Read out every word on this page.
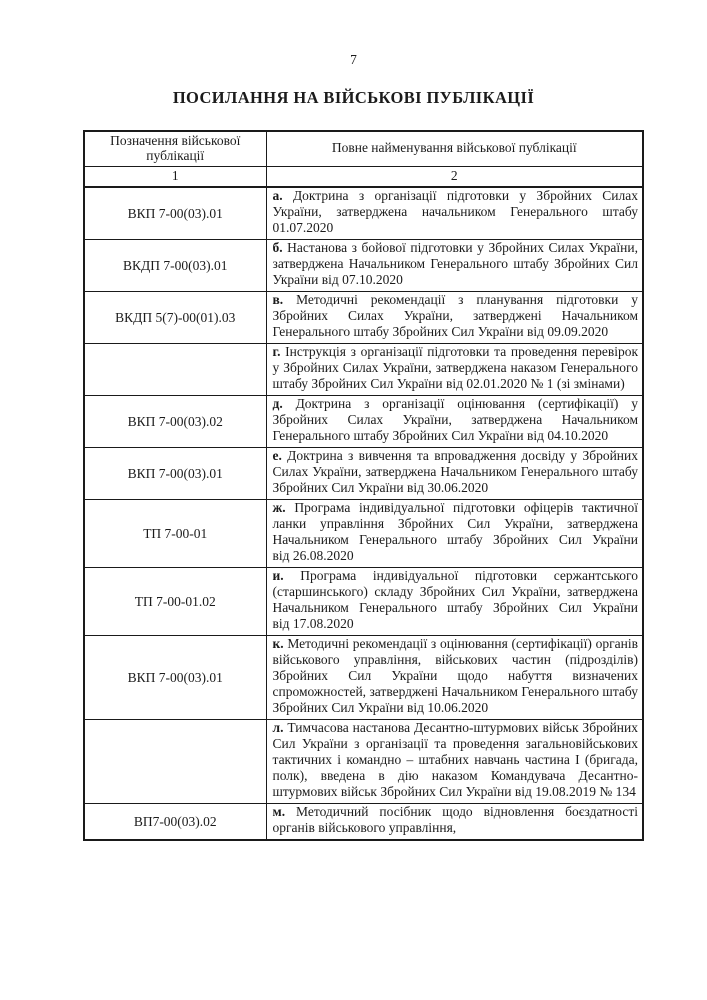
7
ПОСИЛАННЯ НА ВІЙСЬКОВІ ПУБЛІКАЦІЇ
Позначення військової публікації	Повне найменування військової публікації
1	2
ВКП 7-00(03).01	а. Доктрина з організації підготовки у Збройних Силах України, затверджена начальником Генерального штабу 01.07.2020
ВКДП 7-00(03).01	б. Настанова з бойової підготовки у Збройних Силах України, затверджена Начальником Генерального штабу Збройних Сил України від 07.10.2020
ВКДП 5(7)-00(01).03	в. Методичні рекомендації з планування підготовки у Збройних Силах України, затверджені Начальником Генерального штабу Збройних Сил України від 09.09.2020
	г. Інструкція з організації підготовки та проведення перевірок у Збройних Силах України, затверджена наказом Генерального штабу Збройних Сил України від 02.01.2020 № 1 (зі змінами)
ВКП 7-00(03).02	д. Доктрина з організації оцінювання (сертифікації) у Збройних Силах України, затверджена Начальником Генерального штабу Збройних Сил України від 04.10.2020
ВКП 7-00(03).01	е. Доктрина з вивчення та впровадження досвіду у Збройних Силах України, затверджена Начальником Генерального штабу Збройних Сил України від 30.06.2020
ТП 7-00-01	ж. Програма індивідуальної підготовки офіцерів тактичної ланки управління Збройних Сил України, затверджена Начальником Генерального штабу Збройних Сил України від 26.08.2020
ТП 7-00-01.02	и. Програма індивідуальної підготовки сержантського (старшинського) складу Збройних Сил України, затверджена Начальником Генерального штабу Збройних Сил України від 17.08.2020
ВКП 7-00(03).01	к. Методичні рекомендації з оцінювання (сертифікації) органів військового управління, військових частин (підрозділів) Збройних Сил України щодо набуття визначених спроможностей, затверджені Начальником Генерального штабу Збройних Сил України від 10.06.2020
	л. Тимчасова настанова Десантно-штурмових військ Збройних Сил України з організації та проведення загальновійськових тактичних і командно – штабних навчань частина I (бригада, полк), введена в дію наказом Командувача Десантно-штурмових військ Збройних Сил України від 19.08.2019 № 134
ВП7-00(03).02	м. Методичний посібник щодо відновлення боєздатності органів військового управління,
